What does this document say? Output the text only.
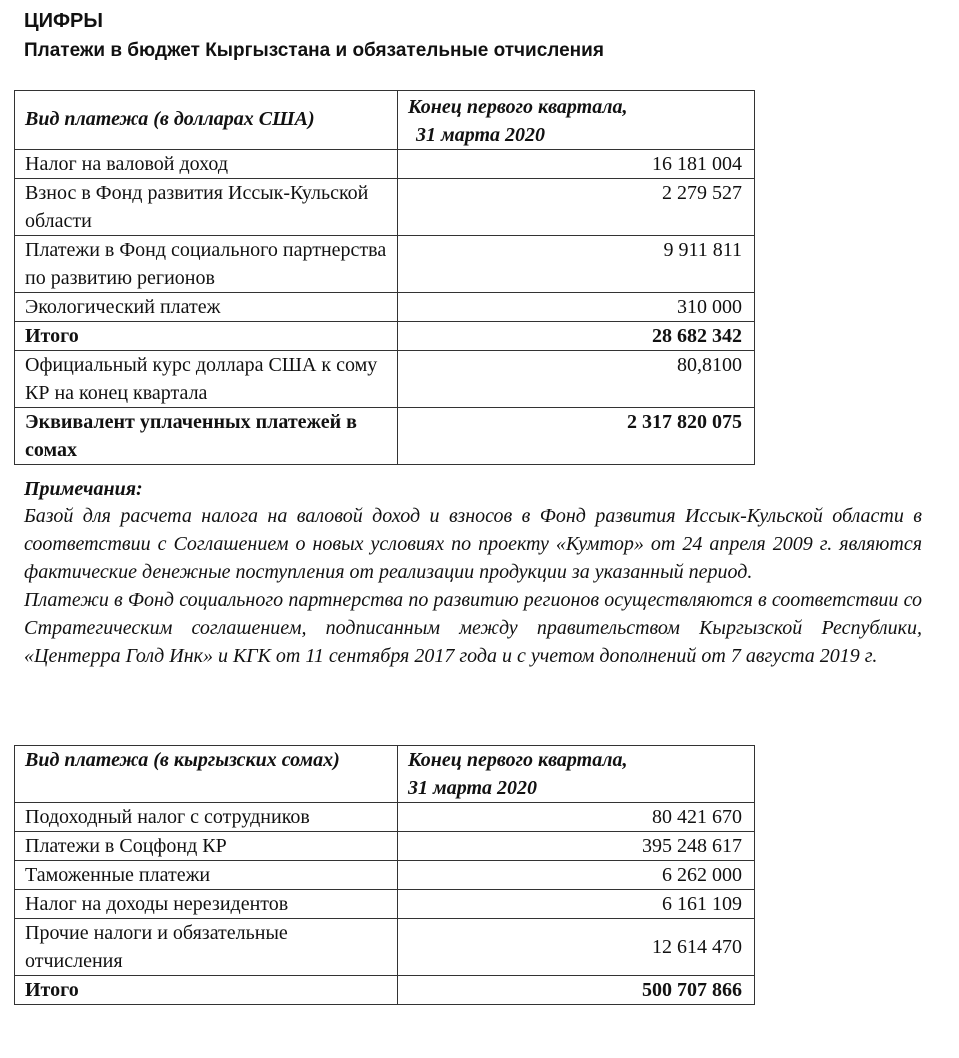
ЦИФРЫ
Платежи в бюджет Кыргызстана и обязательные отчисления
Вид платежа (в долларах США)	Конец первого квартала,
31 марта 2020
Налог на валовой доход	16 181 004
Взнос в Фонд развития Иссык-Кульской области	2 279 527
Платежи в Фонд социального партнерства по развитию регионов	9 911 811
Экологический платеж	310 000
Итого	28 682 342
Официальный курс доллара США к сому КР на конец квартала	80,8100
Эквивалент уплаченных платежей в сомах	2 317 820 075
Примечания:

Базой для расчета налога на валовой доход и взносов в Фонд развития Иссык-Кульской области в соответствии с Соглашением о новых условиях по проекту «Кумтор» от 24 апреля 2009 г. являются фактические денежные поступления от реализации продукции за указанный период.

Платежи в Фонд социального партнерства по развитию регионов осуществляются в соответствии со Стратегическим соглашением, подписанным между правительством Кыргызской Республики, «Центерра Голд Инк» и КГК от 11 сентября 2017 года и с учетом дополнений от 7 августа 2019 г.

Вид платежа (в кыргызских сомах)	Конец первого квартала,
31 марта 2020
Подоходный налог с сотрудников	80 421 670
Платежи в Соцфонд КР	395 248 617
Таможенные платежи	6 262 000
Налог на доходы нерезидентов	6 161 109
Прочие налоги и обязательные отчисления	12 614 470
Итого	500 707 866
